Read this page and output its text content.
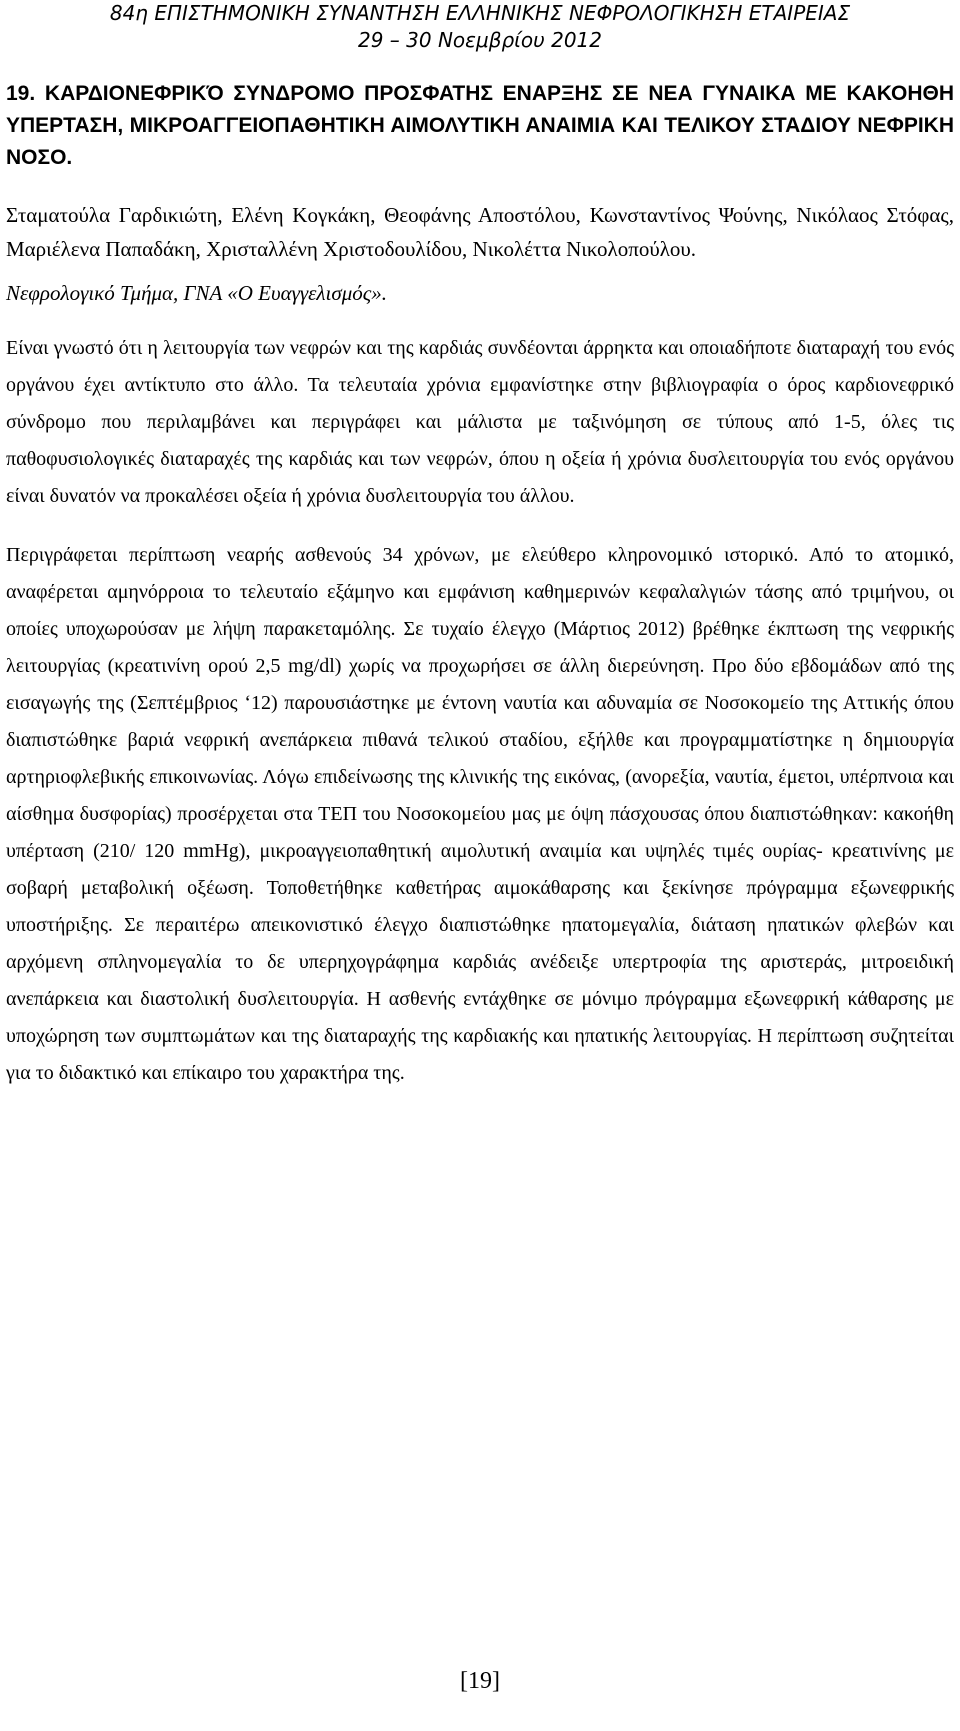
84η ΕΠΙΣΤΗΜΟΝΙΚΗ ΣΥΝΑΝΤΗΣΗ ΕΛΛΗΝΙΚΗΣ ΝΕΦΡΟΛΟΓΙΚΗΣΗ ΕΤΑΙΡΕΙΑΣ
29 – 30 Νοεμβρίου 2012

19. ΚΑΡΔΙΟΝΕΦΡΙΚΌ ΣΥΝΔΡΟΜΟ ΠΡΟΣΦΑΤΗΣ ΕΝΑΡΞΗΣ ΣΕ ΝΕΑ ΓΥΝΑΙΚΑ ΜΕ ΚΑΚΟΗΘΗ ΥΠΕΡΤΑΣΗ, ΜΙΚΡΟΑΓΓΕΙΟΠΑΘΗΤΙΚΗ ΑΙΜΟΛΥΤΙΚΗ ΑΝΑΙΜΙΑ ΚΑΙ ΤΕΛΙΚΟΥ ΣΤΑΔΙΟΥ ΝΕΦΡΙΚΗ ΝΟΣΟ.

Σταματούλα Γαρδικιώτη, Ελένη Κογκάκη, Θεοφάνης Αποστόλου, Κωνσταντίνος Ψούνης, Νικόλαος Στόφας, Μαριέλενα Παπαδάκη, Χρισταλλένη Χριστοδουλίδου, Νικολέττα Νικολοπούλου.

Νεφρολογικό Τμήμα, ΓΝΑ «Ο Ευαγγελισμός».

Είναι γνωστό ότι η λειτουργία των νεφρών και της καρδιάς συνδέονται άρρηκτα και οποιαδήποτε διαταραχή του ενός οργάνου έχει αντίκτυπο στο άλλο. Τα τελευταία χρόνια εμφανίστηκε στην βιβλιογραφία ο όρος καρδιονεφρικό σύνδρομο που περιλαμβάνει και περιγράφει και μάλιστα με ταξινόμηση σε τύπους από 1-5, όλες τις παθοφυσιολογικές διαταραχές της καρδιάς και των νεφρών, όπου η οξεία ή χρόνια δυσλειτουργία του ενός οργάνου είναι δυνατόν να προκαλέσει οξεία ή χρόνια δυσλειτουργία του άλλου.

Περιγράφεται περίπτωση νεαρής ασθενούς 34 χρόνων, με ελεύθερο κληρονομικό ιστορικό. Από το ατομικό, αναφέρεται αμηνόρροια το τελευταίο εξάμηνο και εμφάνιση καθημερινών κεφαλαλγιών τάσης από τριμήνου, οι οποίες υποχωρούσαν με λήψη παρακεταμόλης. Σε τυχαίο έλεγχο (Μάρτιος 2012) βρέθηκε έκπτωση της νεφρικής λειτουργίας (κρεατινίνη ορού 2,5 mg/dl) χωρίς να προχωρήσει σε άλλη διερεύνηση. Προ δύο εβδομάδων από της εισαγωγής της (Σεπτέμβριος ‘12) παρουσιάστηκε με έντονη ναυτία και αδυναμία σε Νοσοκομείο της Αττικής όπου διαπιστώθηκε βαριά νεφρική ανεπάρκεια πιθανά τελικού σταδίου, εξήλθε και προγραμματίστηκε η δημιουργία αρτηριοφλεβικής επικοινωνίας. Λόγω επιδείνωσης της κλινικής της εικόνας, (ανορεξία, ναυτία, έμετοι, υπέρπνοια και αίσθημα δυσφορίας) προσέρχεται στα ΤΕΠ του Νοσοκομείου μας με όψη πάσχουσας όπου διαπιστώθηκαν: κακοήθη υπέρταση (210/ 120 mmHg), μικροαγγειοπαθητική αιμολυτική αναιμία και υψηλές τιμές ουρίας- κρεατινίνης με σοβαρή μεταβολική οξέωση. Τοποθετήθηκε καθετήρας αιμοκάθαρσης και ξεκίνησε πρόγραμμα εξωνεφρικής υποστήριξης. Σε περαιτέρω απεικονιστικό έλεγχο διαπιστώθηκε ηπατομεγαλία, διάταση ηπατικών φλεβών και αρχόμενη σπληνομεγαλία το δε υπερηχογράφημα καρδιάς ανέδειξε υπερτροφία της αριστεράς, μιτροειδική ανεπάρκεια και διαστολική δυσλειτουργία. Η ασθενής εντάχθηκε σε μόνιμο πρόγραμμα εξωνεφρική κάθαρσης με υποχώρηση των συμπτωμάτων και της διαταραχής της καρδιακής και ηπατικής λειτουργίας. Η περίπτωση συζητείται για το διδακτικό και επίκαιρο του χαρακτήρα της.

[19]
